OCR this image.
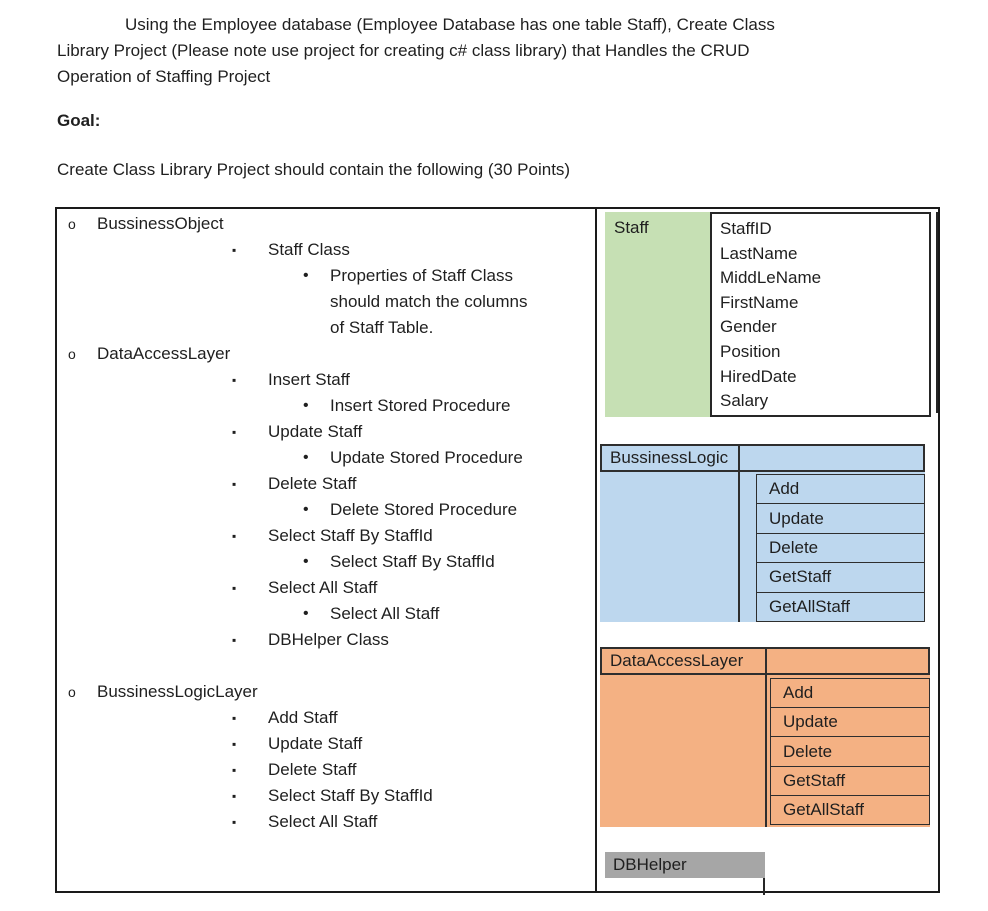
Using the Employee database (Employee Database has one table Staff), Create Class
Library Project (Please note use project for creating c# class library) that Handles the CRUD
Operation of Staffing Project
Goal:
Create Class Library Project should contain the following (30 Points)
o BussinessObject
▪ Staff Class
• Properties of Staff Class should match the columns of Staff Table.
o DataAccessLayer
▪ Insert Staff
• Insert Stored Procedure
▪ Update Staff
• Update Stored Procedure
▪ Delete Staff
• Delete Stored Procedure
▪ Select Staff By StaffId
• Select Staff By StaffId
▪ Select All Staff
• Select All Staff
▪ DBHelper Class
o BussinessLogicLayer
▪ Add Staff
▪ Update Staff
▪ Delete Staff
▪ Select Staff By StaffId
▪ Select All Staff
Staff	StaffID
LastName
MiddLeName
FirstName
Gender
Position
HiredDate
Salary
BussinessLogic
Add
Update
Delete
GetStaff
GetAllStaff
DataAccessLayer
Add
Update
Delete
GetStaff
GetAllStaff
DBHelper
